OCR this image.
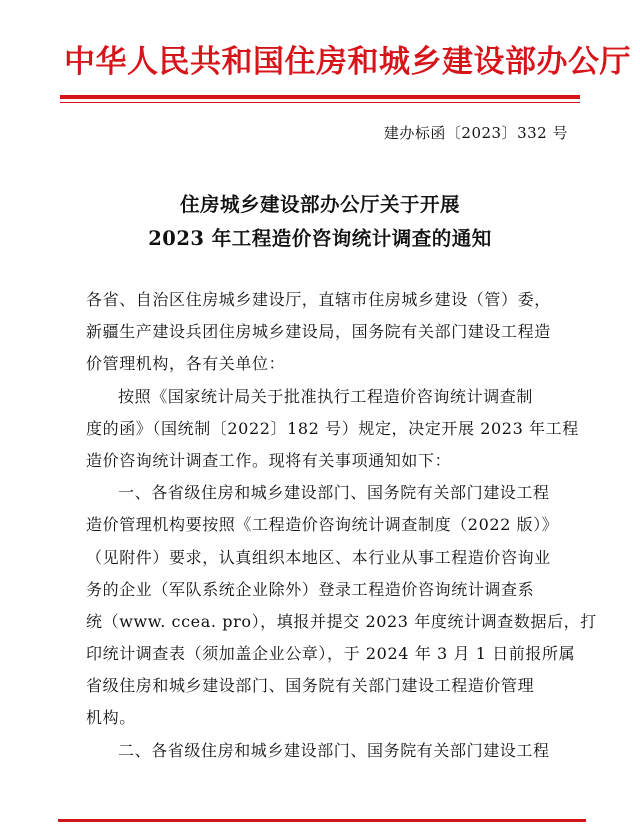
中华人民共和国住房和城乡建设部办公厅
建办标函〔2023〕332 号
住房城乡建设部办公厅关于开展
2023 年工程造价咨询统计调查的通知
各省、自治区住房城乡建设厅，直辖市住房城乡建设（管）委，
新疆生产建设兵团住房城乡建设局，国务院有关部门建设工程造
价管理机构，各有关单位：
按照《国家统计局关于批准执行工程造价咨询统计调查制
度的函》（国统制〔2022〕182 号）规定，决定开展 2023 年工程
造价咨询统计调查工作。现将有关事项通知如下：
一、各省级住房和城乡建设部门、国务院有关部门建设工程
造价管理机构要按照《工程造价咨询统计调查制度（2022 版）》
（见附件）要求，认真组织本地区、本行业从事工程造价咨询业
务的企业（军队系统企业除外）登录工程造价咨询统计调查系
统（www. ccea. pro），填报并提交 2023 年度统计调查数据后，打
印统计调查表（须加盖企业公章），于 2024 年 3 月 1 日前报所属
省级住房和城乡建设部门、国务院有关部门建设工程造价管理
机构。
二、各省级住房和城乡建设部门、国务院有关部门建设工程
